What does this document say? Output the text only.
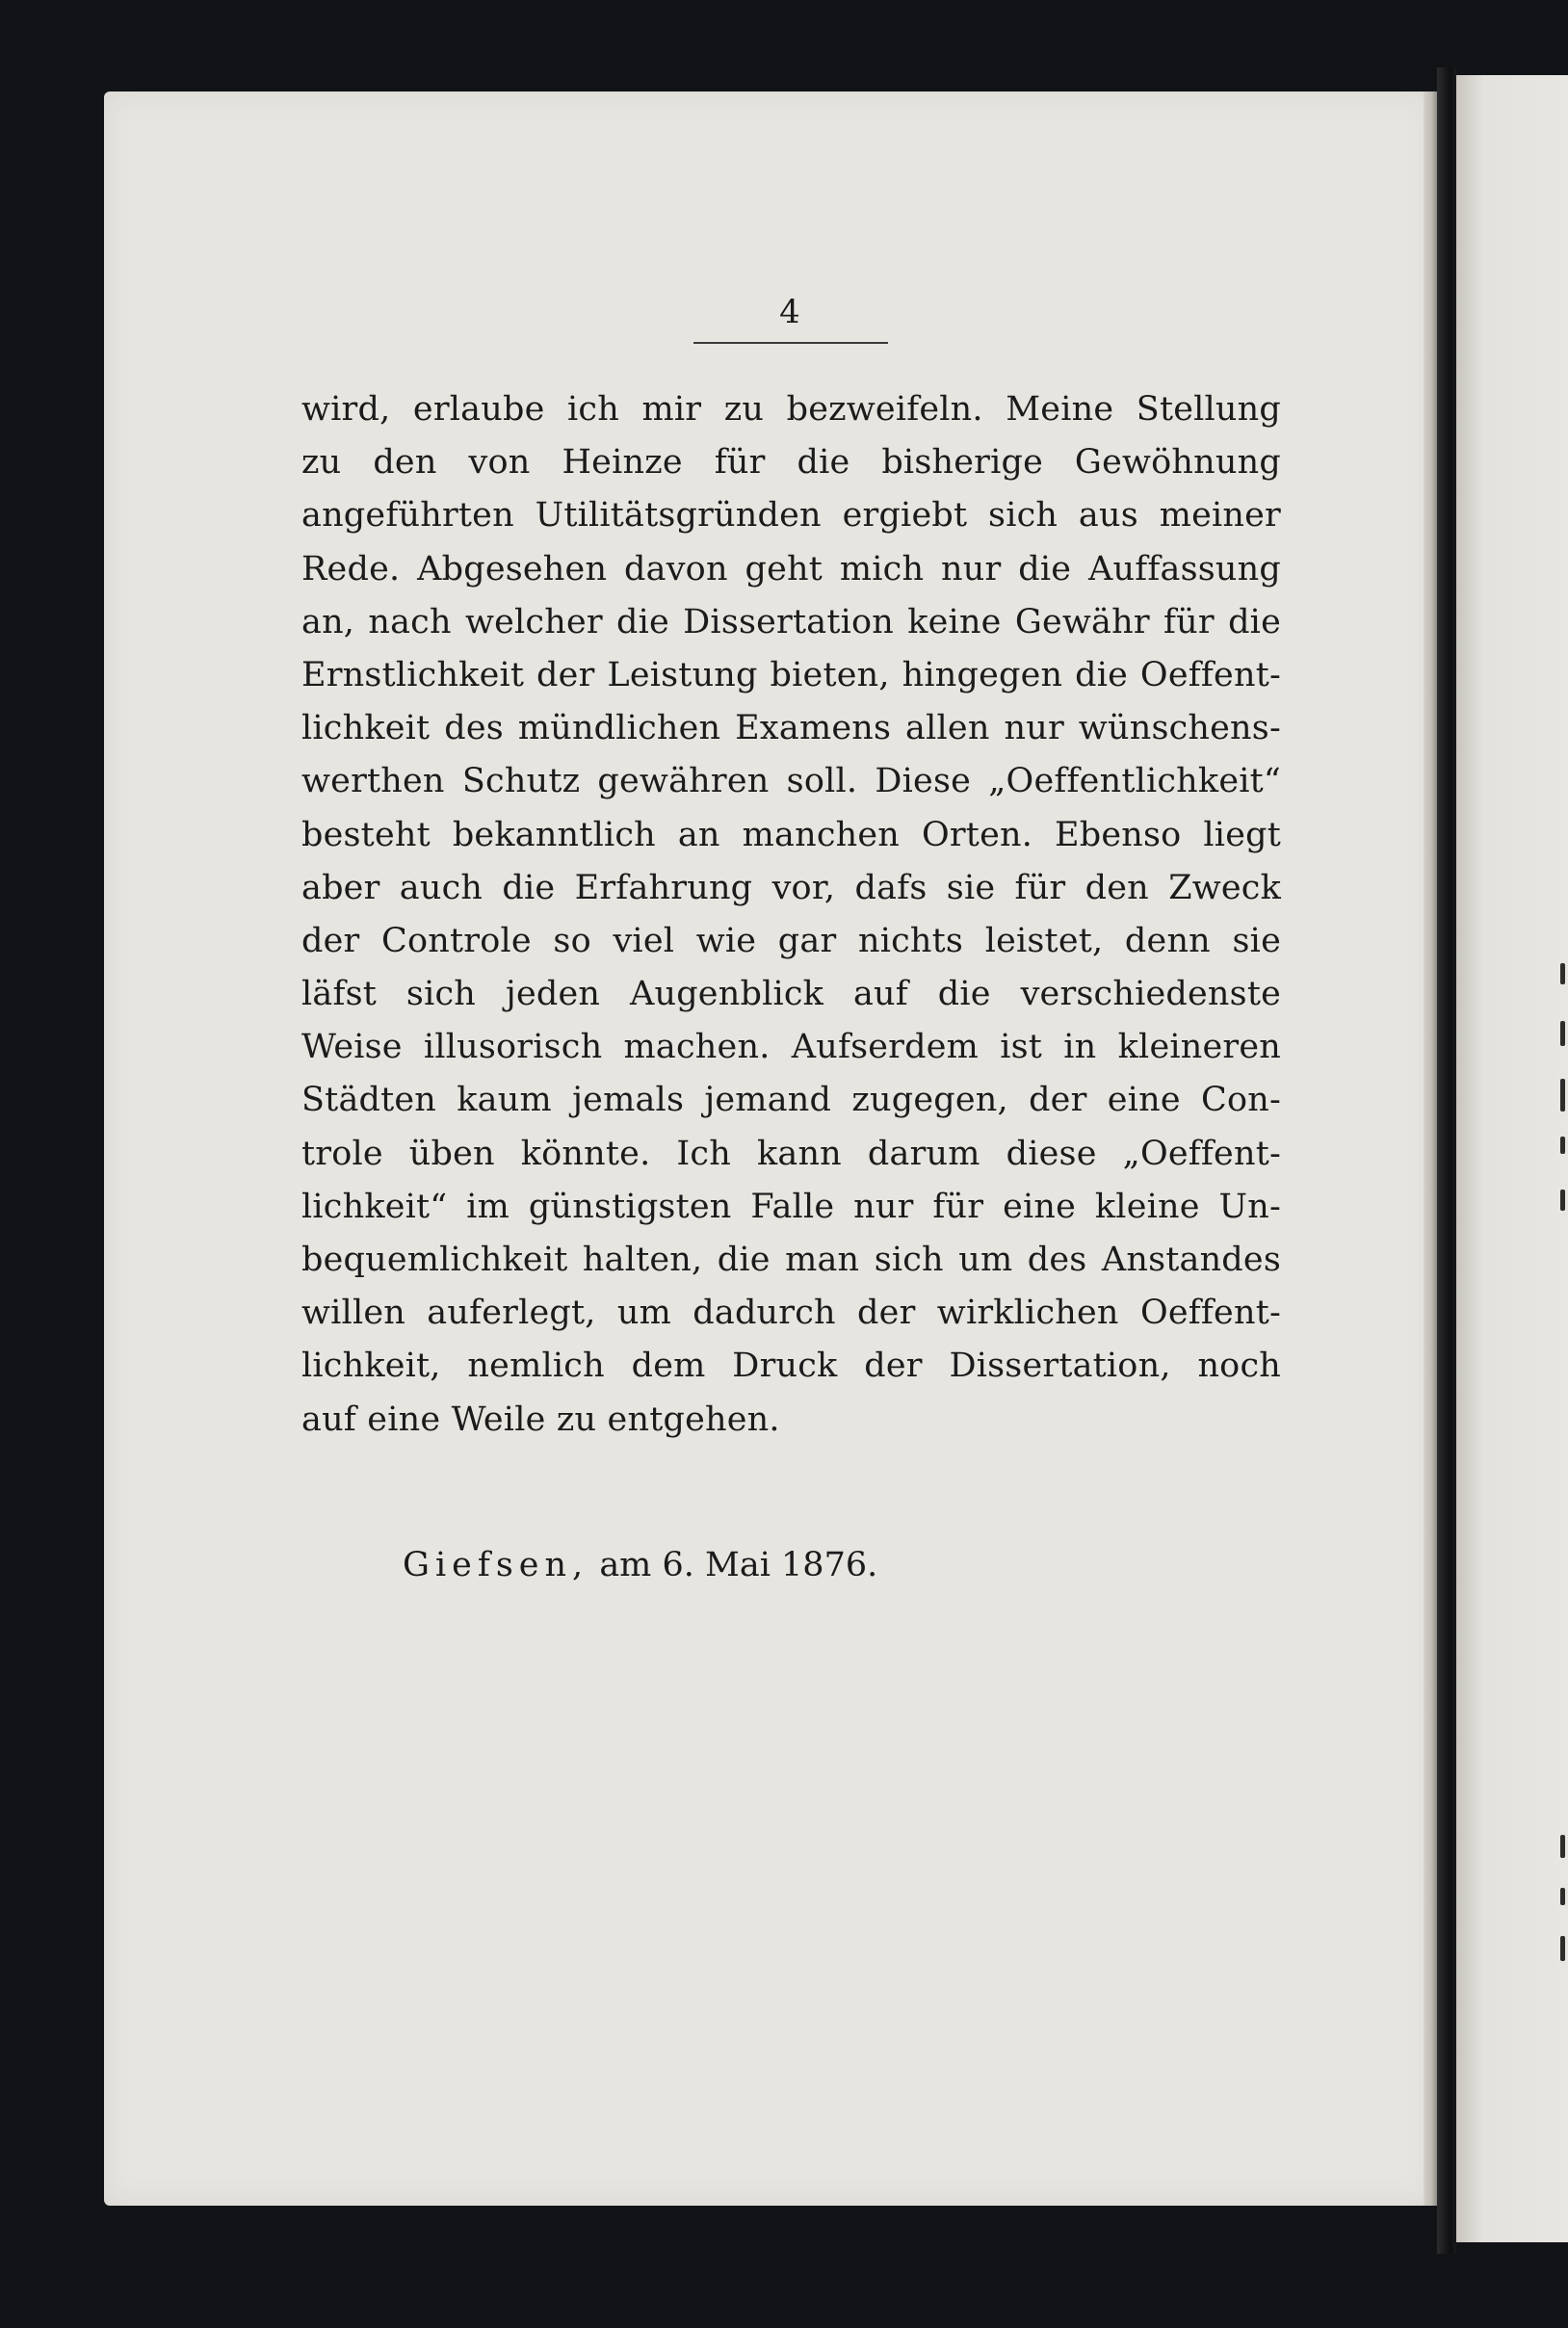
4
wird, erlaube ich mir zu bezweifeln. Meine Stellung
zu den von Heinze für die bisherige Gewöhnung
angeführten Utilitätsgründen ergiebt sich aus meiner
Rede. Abgesehen davon geht mich nur die Auffassung
an, nach welcher die Dissertation keine Gewähr für die
Ernstlichkeit der Leistung bieten, hingegen die Oeffent-
lichkeit des mündlichen Examens allen nur wünschens-
werthen Schutz gewähren soll. Diese „Oeffentlichkeit“
besteht bekanntlich an manchen Orten. Ebenso liegt
aber auch die Erfahrung vor, dafs sie für den Zweck
der Controle so viel wie gar nichts leistet, denn sie
läfst sich jeden Augenblick auf die verschiedenste
Weise illusorisch machen. Aufserdem ist in kleineren
Städten kaum jemals jemand zugegen, der eine Con-
trole üben könnte. Ich kann darum diese „Oeffent-
lichkeit“ im günstigsten Falle nur für eine kleine Un-
bequemlichkeit halten, die man sich um des Anstandes
willen auferlegt, um dadurch der wirklichen Oeffent-
lichkeit, nemlich dem Druck der Dissertation, noch
auf eine Weile zu entgehen.
Giefsen, am 6. Mai 1876.
